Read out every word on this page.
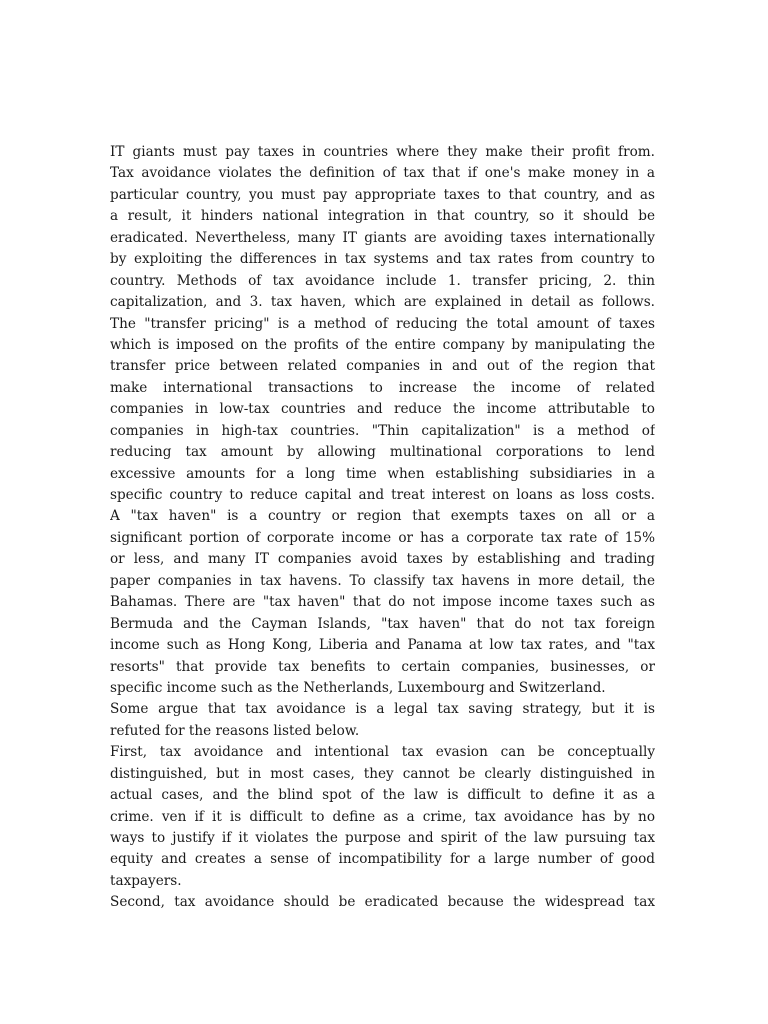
IT giants must pay taxes in countries where they make their profit from.
Tax avoidance violates the definition of tax that if one's make money in a
particular country, you must pay appropriate taxes to that country, and as
a result, it hinders national integration in that country, so it should be
eradicated. Nevertheless, many IT giants are avoiding taxes internationally
by exploiting the differences in tax systems and tax rates from country to
country. Methods of tax avoidance include 1. transfer pricing, 2. thin
capitalization, and 3. tax haven, which are explained in detail as follows.
The "transfer pricing" is a method of reducing the total amount of taxes
which is imposed on the profits of the entire company by manipulating the
transfer price between related companies in and out of the region that
make international transactions to increase the income of related
companies in low-tax countries and reduce the income attributable to
companies in high-tax countries. "Thin capitalization" is a method of
reducing tax amount by allowing multinational corporations to lend
excessive amounts for a long time when establishing subsidiaries in a
specific country to reduce capital and treat interest on loans as loss costs.
A "tax haven" is a country or region that exempts taxes on all or a
significant portion of corporate income or has a corporate tax rate of 15%
or less, and many IT companies avoid taxes by establishing and trading
paper companies in tax havens. To classify tax havens in more detail, the
Bahamas. There are "tax haven" that do not impose income taxes such as
Bermuda and the Cayman Islands, "tax haven" that do not tax foreign
income such as Hong Kong, Liberia and Panama at low tax rates, and "tax
resorts" that provide tax benefits to certain companies, businesses, or
specific income such as the Netherlands, Luxembourg and Switzerland.
Some argue that tax avoidance is a legal tax saving strategy, but it is
refuted for the reasons listed below.
First, tax avoidance and intentional tax evasion can be conceptually
distinguished, but in most cases, they cannot be clearly distinguished in
actual cases, and the blind spot of the law is difficult to define it as a
crime. ven if it is difficult to define as a crime, tax avoidance has by no
ways to justify if it violates the purpose and spirit of the law pursuing tax
equity and creates a sense of incompatibility for a large number of good
taxpayers.
Second, tax avoidance should be eradicated because the widespread tax
